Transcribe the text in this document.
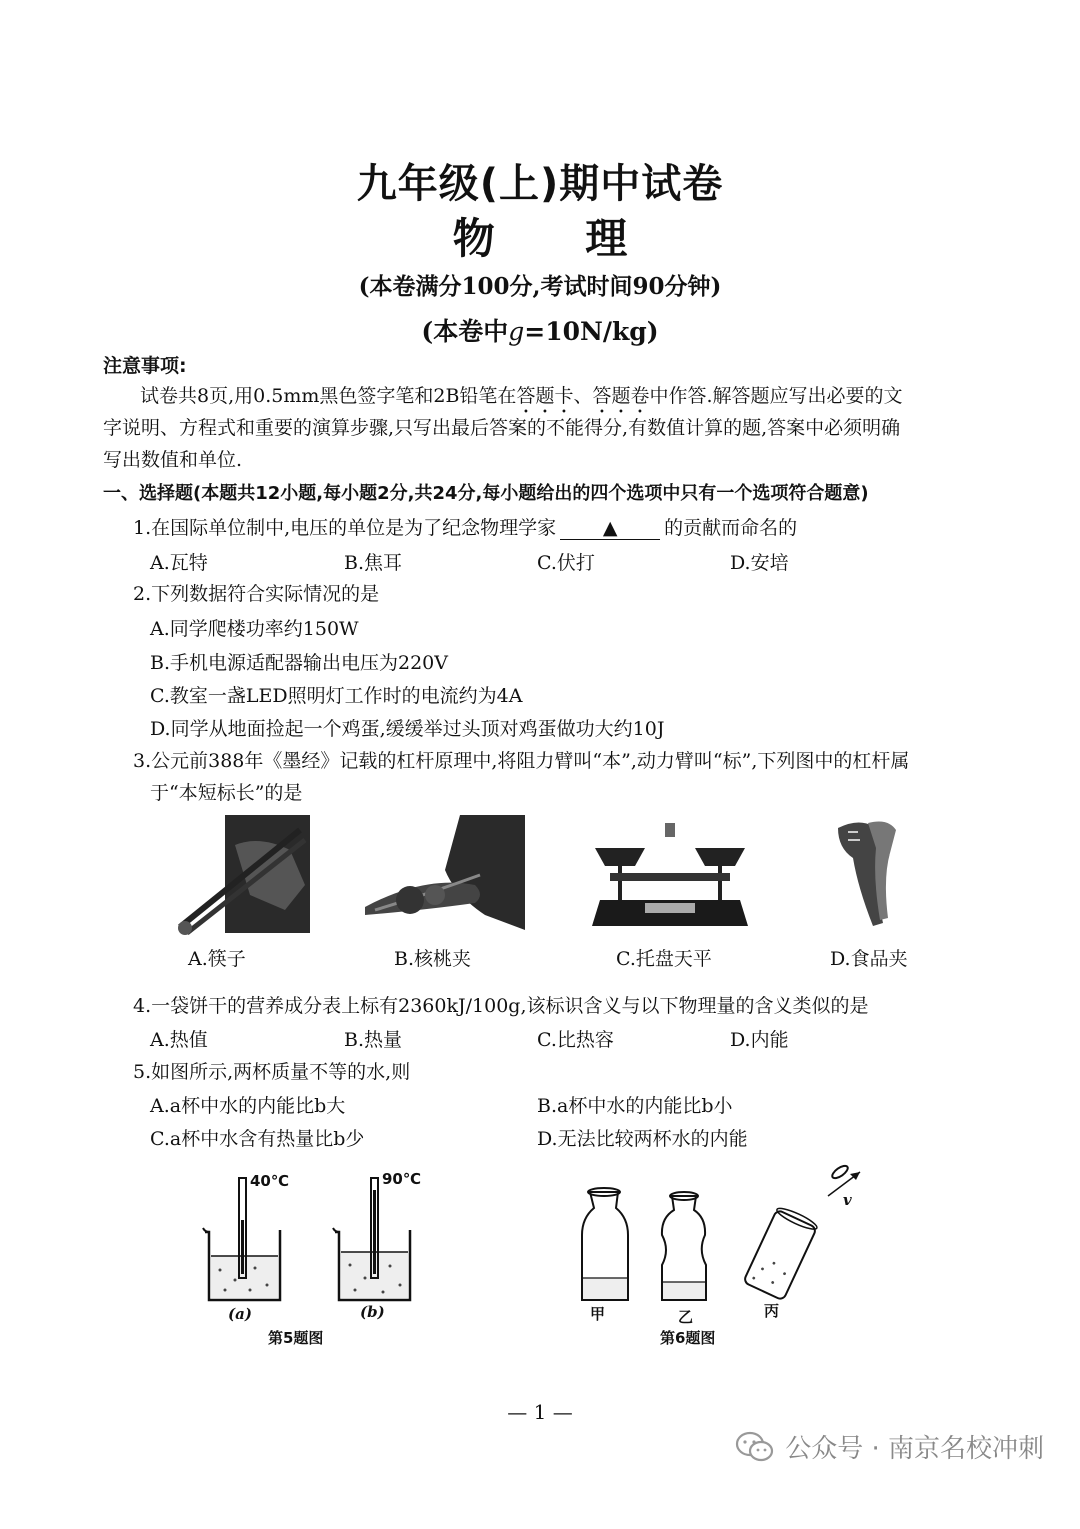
九年级(上)期中试卷
物 理
(本卷满分100分,考试时间90分钟)
(本卷中g=10N/kg)
注意事项:
试卷共8页,用0.5mm黑色签字笔和2B铅笔在答题卡、答题卷中作答.解答题应写出必要的文
字说明、方程式和重要的演算步骤,只写出最后答案的不能得分,有数值计算的题,答案中必须明确
写出数值和单位.
一、选择题(本题共12小题,每小题2分,共24分,每小题给出的四个选项中只有一个选项符合题意)
1.在国际单位制中,电压的单位是为了纪念物理学家 ▲ 的贡献而命名的
A.瓦特	B.焦耳	C.伏打	D.安培
2.下列数据符合实际情况的是
A.同学爬楼功率约150W
B.手机电源适配器输出电压为220V
C.教室一盏LED照明灯工作时的电流约为4A
D.同学从地面捡起一个鸡蛋,缓缓举过头顶对鸡蛋做功大约10J
3.公元前388年《墨经》记载的杠杆原理中,将阻力臂叫“本”,动力臂叫“标”,下列图中的杠杆属
于“本短标长”的是
A.筷子	B.核桃夹	C.托盘天平	D.食品夹
4.一袋饼干的营养成分表上标有2360kJ/100g,该标识含义与以下物理量的含义类似的是
A.热值	B.热量	C.比热容	D.内能
5.如图所示,两杯质量不等的水,则
A.a杯中水的内能比b大	B.a杯中水的内能比b小
C.a杯中水含有热量比b少	D.无法比较两杯水的内能
40℃	90℃
(a)	(b)
第5题图
甲	乙	丙
v
第6题图
— 1 —
公众号 · 南京名校冲刺
